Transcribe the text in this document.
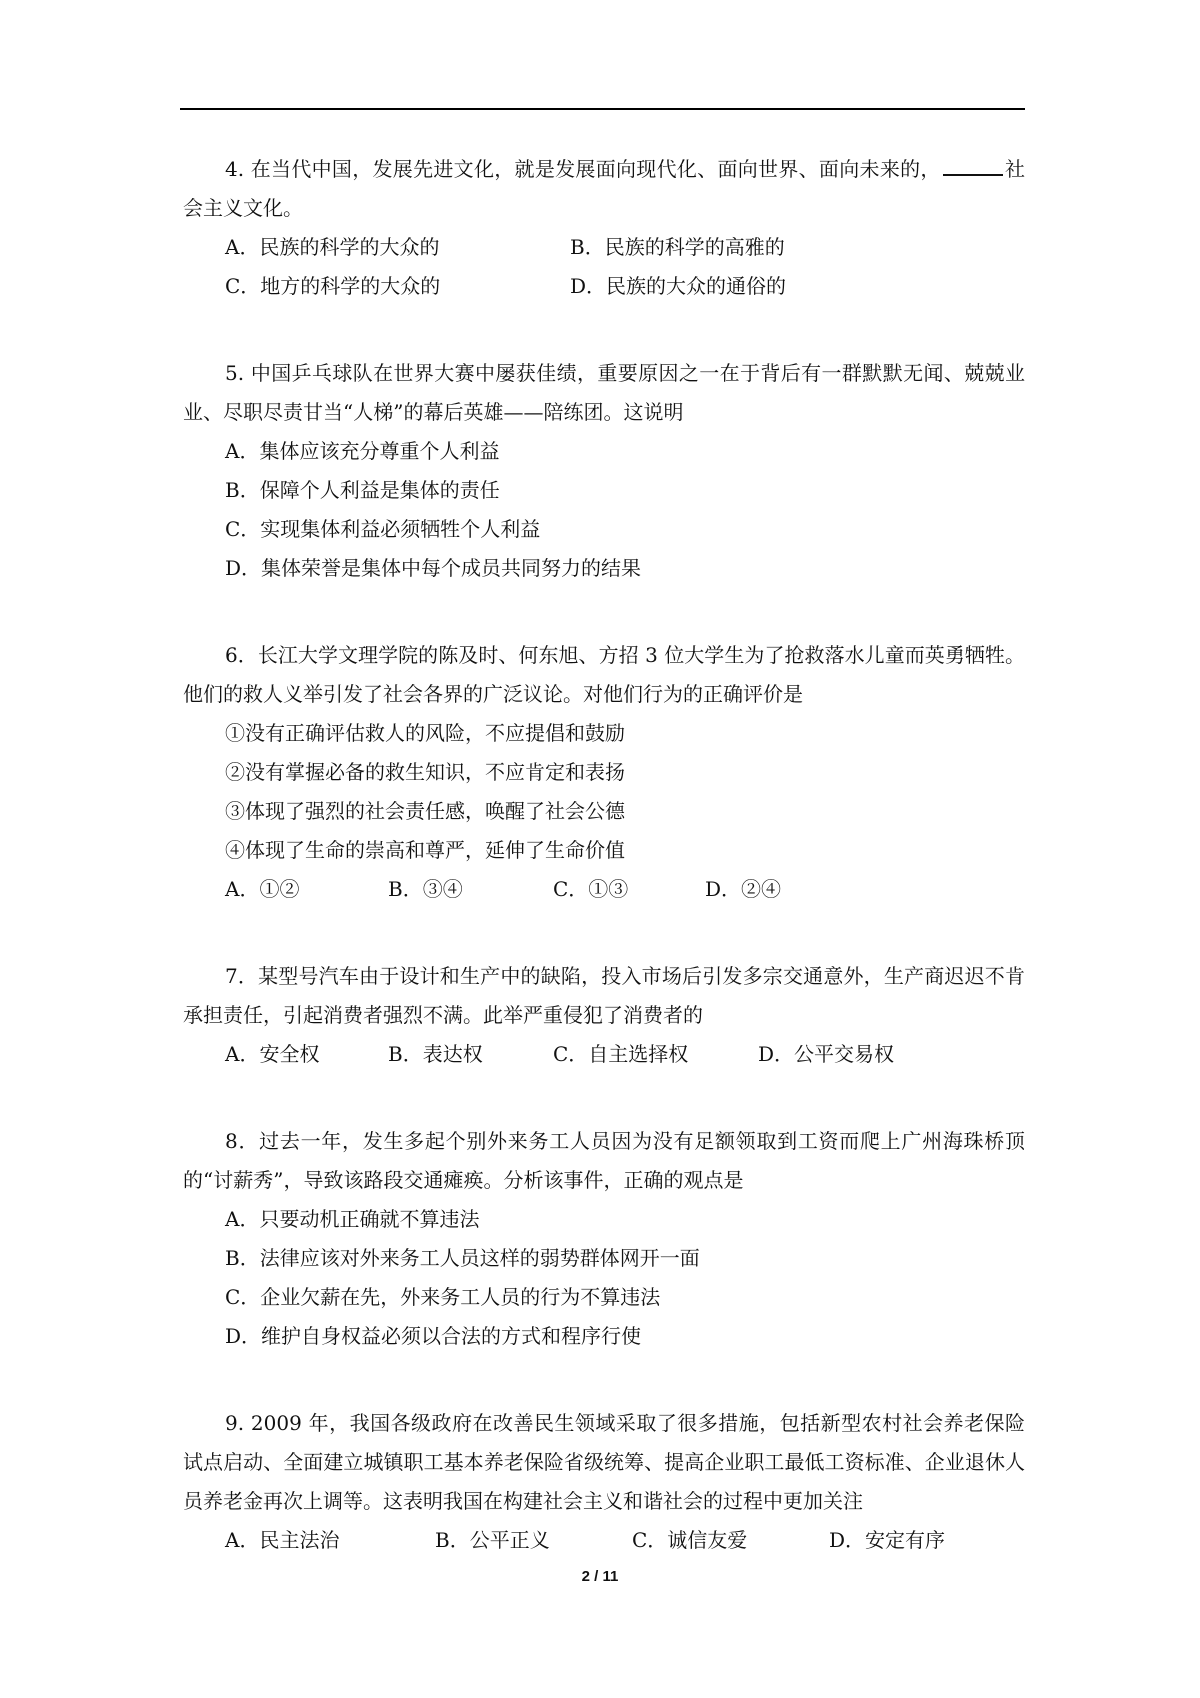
4. 在当代中国，发展先进文化，就是发展面向现代化、面向世界、面向未来的，	社会主义文化。

A．民族的科学的大众的	B．民族的科学的高雅的
C．地方的科学的大众的	D．民族的大众的通俗的

5. 中国乒乓球队在世界大赛中屡获佳绩，重要原因之一在于背后有一群默默无闻、兢兢业业、尽职尽责甘当“人梯”的幕后英雄——陪练团。这说明

A．集体应该充分尊重个人利益

B．保障个人利益是集体的责任

C．实现集体利益必须牺牲个人利益

D．集体荣誉是集体中每个成员共同努力的结果

6．长江大学文理学院的陈及时、何东旭、方招 3 位大学生为了抢救落水儿童而英勇牺牲。他们的救人义举引发了社会各界的广泛议论。对他们行为的正确评价是

①没有正确评估救人的风险，不应提倡和鼓励

②没有掌握必备的救生知识，不应肯定和表扬

③体现了强烈的社会责任感，唤醒了社会公德

④体现了生命的崇高和尊严，延伸了生命价值

A．①②	B．③④	C．①③	D．②④

7．某型号汽车由于设计和生产中的缺陷，投入市场后引发多宗交通意外，生产商迟迟不肯承担责任，引起消费者强烈不满。此举严重侵犯了消费者的

A．安全权	B．表达权	C．自主选择权	D．公平交易权

8．过去一年，发生多起个别外来务工人员因为没有足额领取到工资而爬上广州海珠桥顶的“讨薪秀”，导致该路段交通瘫痪。分析该事件，正确的观点是

A．只要动机正确就不算违法

B．法律应该对外来务工人员这样的弱势群体网开一面

C．企业欠薪在先，外来务工人员的行为不算违法

D．维护自身权益必须以合法的方式和程序行使

9. 2009 年，我国各级政府在改善民生领域采取了很多措施，包括新型农村社会养老保险试点启动、全面建立城镇职工基本养老保险省级统筹、提高企业职工最低工资标准、企业退休人员养老金再次上调等。这表明我国在构建社会主义和谐社会的过程中更加关注

A．民主法治	B．公平正义	C．诚信友爱	D．安定有序
2 / 11
